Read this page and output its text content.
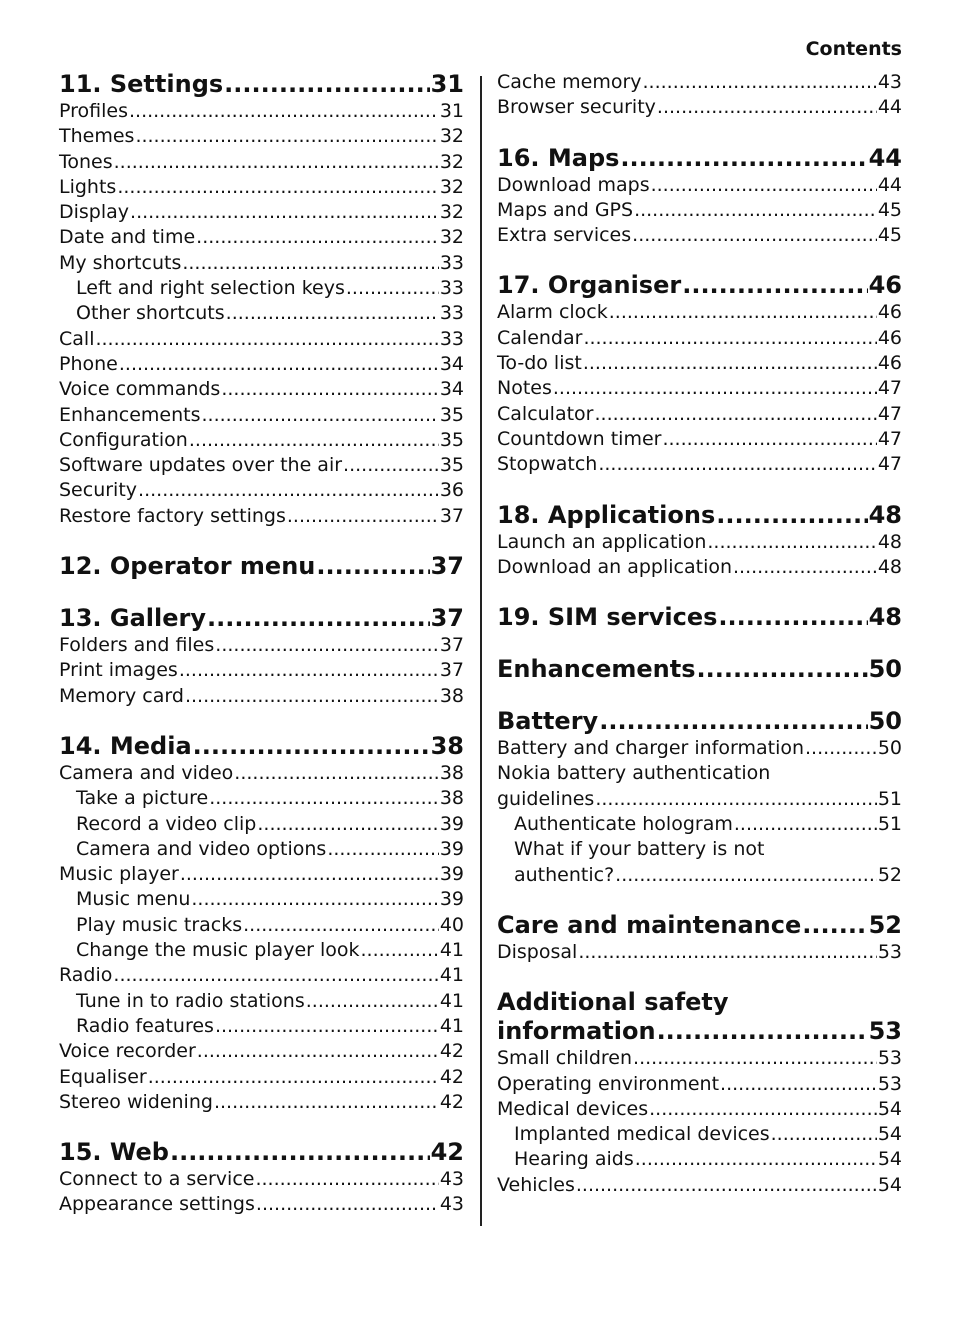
Contents
11. Settings .....	31
Profiles .....	31
Themes .....	32
Tones .....	32
Lights .....	32
Display .....	32
Date and time .....	32
My shortcuts .....	33
Left and right selection keys .....	33
Other shortcuts .....	33
Call .....	33
Phone .....	34
Voice commands .....	34
Enhancements .....	35
Configuration .....	35
Software updates over the air .....	35
Security .....	36
Restore factory settings .....	37
12. Operator menu .....	37
13. Gallery .....	37
Folders and files .....	37
Print images .....	37
Memory card .....	38
14. Media .....	38
Camera and video .....	38
Take a picture .....	38
Record a video clip .....	39
Camera and video options .....	39
Music player .....	39
Music menu .....	39
Play music tracks .....	40
Change the music player look .....	41
Radio .....	41
Tune in to radio stations .....	41
Radio features .....	41
Voice recorder .....	42
Equaliser .....	42
Stereo widening .....	42
15. Web .....	42
Connect to a service .....	43
Appearance settings .....	43
Cache memory .....	43
Browser security .....	44
16. Maps .....	44
Download maps .....	44
Maps and GPS .....	45
Extra services .....	45
17. Organiser .....	46
Alarm clock .....	46
Calendar .....	46
To-do list .....	46
Notes .....	47
Calculator .....	47
Countdown timer .....	47
Stopwatch .....	47
18. Applications .....	48
Launch an application .....	48
Download an application .....	48
19. SIM services .....	48
Enhancements .....	50
Battery .....	50
Battery and charger information .....	50
Nokia battery authentication
guidelines .....	51
Authenticate hologram .....	51
What if your battery is not
authentic? .....	52
Care and maintenance .....	52
Disposal .....	53
Additional safety
information .....	53
Small children .....	53
Operating environment .....	53
Medical devices .....	54
Implanted medical devices .....	54
Hearing aids .....	54
Vehicles .....	54
